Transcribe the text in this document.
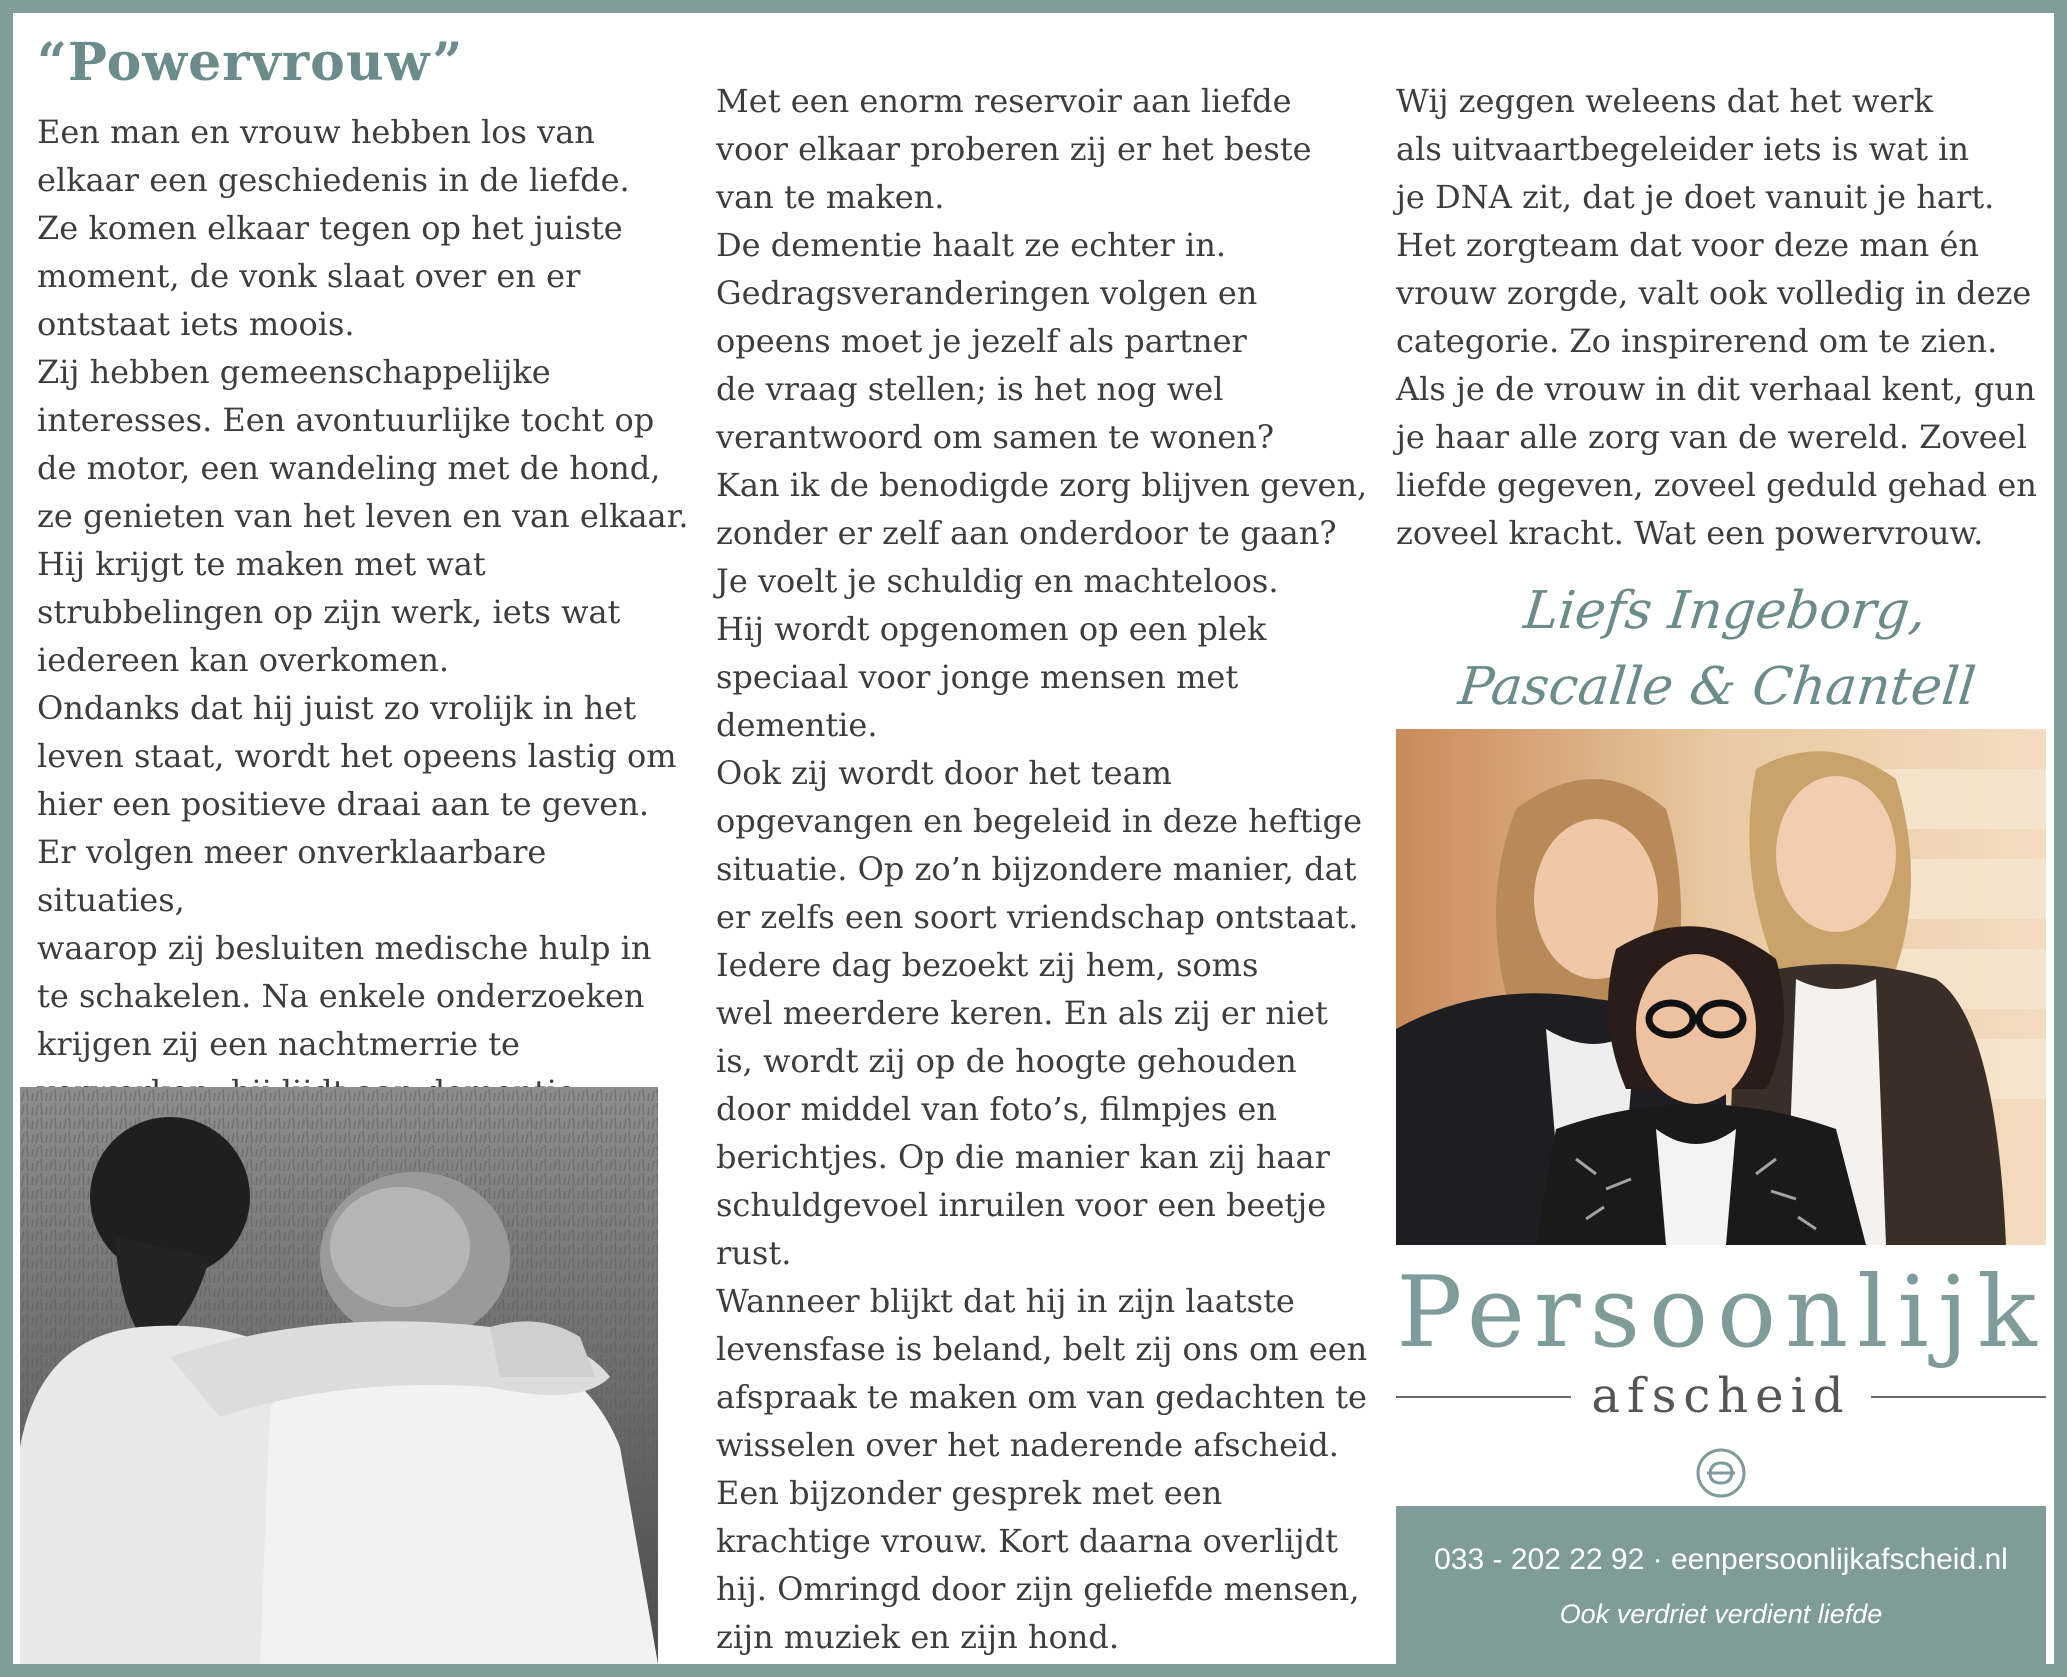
“Powervrouw”
Een man en vrouw hebben los van
elkaar een geschiedenis in de liefde.
Ze komen elkaar tegen op het juiste
moment, de vonk slaat over en er
ontstaat iets moois.
Zij hebben gemeenschappelijke
interesses. Een avontuurlijke tocht op
de motor, een wandeling met de hond,
ze genieten van het leven en van elkaar.
Hij krijgt te maken met wat
strubbelingen op zijn werk, iets wat
iedereen kan overkomen.
Ondanks dat hij juist zo vrolijk in het
leven staat, wordt het opeens lastig om
hier een positieve draai aan te geven.
Er volgen meer onverklaarbare situaties,
waarop zij besluiten medische hulp in
te schakelen. Na enkele onderzoeken
krijgen zij een nachtmerrie te

Met een enorm reservoir aan liefde
voor elkaar proberen zij er het beste
van te maken.
De dementie haalt ze echter in.
Gedragsveranderingen volgen en
opeens moet je jezelf als partner
de vraag stellen; is het nog wel
verantwoord om samen te wonen?
Kan ik de benodigde zorg blijven geven,
zonder er zelf aan onderdoor te gaan?
Je voelt je schuldig en machteloos.
Hij wordt opgenomen op een plek
speciaal voor jonge mensen met
dementie.
Ook zij wordt door het team
opgevangen en begeleid in deze heftige
situatie. Op zo’n bijzondere manier, dat
er zelfs een soort vriendschap ontstaat.
Iedere dag bezoekt zij hem, soms
wel meerdere keren. En als zij er niet
is, wordt zij op de hoogte gehouden
door middel van foto’s, filmpjes en
berichtjes. Op die manier kan zij haar
schuldgevoel inruilen voor een beetje
rust.
Wanneer blijkt dat hij in zijn laatste
levensfase is beland, belt zij ons om een
afspraak te maken om van gedachten te
wisselen over het naderende afscheid.
Een bijzonder gesprek met een
krachtige vrouw. Kort daarna overlijdt
hij. Omringd door zijn geliefde mensen,
zijn muziek en zijn hond.
Wij zeggen weleens dat het werk
als uitvaartbegeleider iets is wat in
je DNA zit, dat je doet vanuit je hart.
Het zorgteam dat voor deze man én
vrouw zorgde, valt ook volledig in deze
categorie. Zo inspirerend om te zien.
Als je de vrouw in dit verhaal kent, gun
je haar alle zorg van de wereld. Zoveel
liefde gegeven, zoveel geduld gehad en
zoveel kracht. Wat een powervrouw.
Liefs Ingeborg,
Pascalle & Chantell
Persoonlijk
afscheid
033 - 202 22 92 · eenpersoonlijkafscheid.nl
Ook verdriet verdient liefde
